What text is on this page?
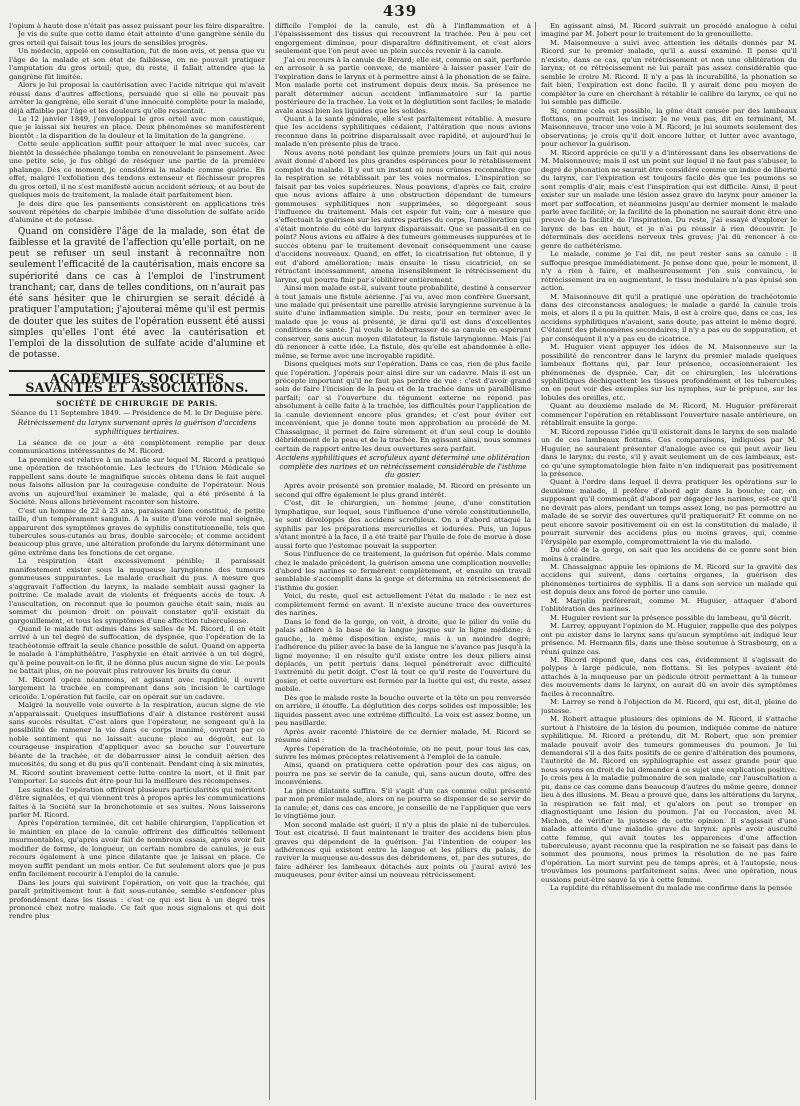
439

l'opium à haute dose n'était pas assez puissant pour les faire disparaître.

Je vis de suite que cette dame était atteinte d'une gangrène sénile du gros orteil qui faisait tous les jours de sensibles progrès.

Un médecin, appelé en consultation, fut de mon avis, et pensa que vu l'âge de la malade et son état de faiblesse, on ne pouvait pratiquer l'amputation du gros orteil; que, du reste, il fallait attendre que la gangrène fût limitée.

Alors je lui proposai la cautérisation avec l'acide nitrique qui m'avait réussi dans d'autres affections, persuadé que si elle ne pouvait pas arrêter la gangrène, elle serait d'une innocuité complète pour la malade, déjà affaiblie par l'âge et les douleurs qu'elle ressentait.

Le 12 janvier 1849, j'enveloppai le gros orteil avec mon caustique, que je laissai six heures en place. Deux phénomènes se manifestèrent bientôt : la disparition de la douleur et la limitation de la gangrène.

Cette seule application suffit pour attaquer le mal avec succès, car bientôt la desséchée phalange tomba en renouvelant le pansement. Avec une petite scie, je fus obligé de réséquer une partie de la première phalange. Dès ce moment, je considérai la malade comme guérie. En effet, malgré l'exfoliation des tendons extenseur et fléchisseur propres du gros orteil, il ne s'est manifesté aucun accident sérieux; et au bout de quelques mois de traitement, la malade était parfaitement bien.

Je dois dire que les pansements consistèrent en applications très souvent répétées de charpie imbibée d'une dissolution de sulfate acide d'alumine et de potasse.

Quand on considère l'âge de la malade, son état de faiblesse et la gravité de l'affection qu'elle portait, on ne peut se refuser un seul instant à reconnaître non seulement l'efficacité de la cautérisation, mais encore sa supériorité dans ce cas à l'emploi de l'instrument tranchant; car, dans de telles conditions, on n'aurait pas été sans hésiter que le chirurgien se serait décidé à pratiquer l'amputation; j'ajouterai même qu'il est permis de douter que les suites de l'opération eussent été aussi simples qu'elles l'ont été avec la cautérisation et l'emploi de la dissolution de sulfate acide d'alumine et de potasse.

ACADÉMIES, SOCIÉTÉS SAVANTES ET ASSOCIATIONS.
SOCIÉTÉ DE CHIRURGIE DE PARIS.
Séance du 11 Septembre 1849. — Présidence de M. le Dr Deguise père.

Rétrécissement du larynx survenant après la guérison d'accidens syphilitiques tertiaires.

La séance de ce jour a été complètement remplie par deux communications intéressantes de M. Ricord.

La première est relative à un malade sur lequel M. Ricord a pratiqué une opération de trachéotomie. Les lecteurs de l'Union Médicale se rappellent sans doute le magnifique succès obtenu dans le fait auquel nous faisons allusion par la courageuse conduite de l'opérateur. Nous avons un aujourd'hui examiner le malade, qui a été présenté à la Société. Nous allons brièvement raconter son histoire.

C'est un homme de 22 à 23 ans, paraissant bien constitué, de petite taille, d'un tempérament sanguin. A la suite d'une vérole mal soignée, apparurent des symptômes graves de syphilis constitutionnelle, tels que tubercules sous-cutanés au bras, double sarcocèle; et comme accident beaucoup plus grave, une altération profonde du larynx déterminant une gêne extrême dans les fonctions de cet organe.

La respiration était excessivement pénible; il paraissait manifestement exister sous la muqueuse laryngienne des tumeurs gommeuses suppurantes. Le malade crachait du pus. A mesure que s'aggravait l'affection du larynx, la malade semblait aussi gagner la poitrine. Ce malade avait de violents et fréquents accès de toux. A l'auscultation, on reconnut que le poumon gauche était sain, mais au sommet du poumon droit on pouvait constater qu'il existait du gargouillement, et tous les symptômes d'une affection tuberculeuse.

Quand le malade fut admis dans les salles de M. Ricord, il en était arrivé à un tel degré de suffocation, de dyspnée, que l'opération de la trachéotomie offrait la seule chance possible de salut. Quand on apporta le malade à l'amphithéâtre, l'asphyxie en était arrivée à un tel degré, qu'à peine pouvait-on le fit, il ne donna plus aucun signe de vie. Le pouls ne battait plus, on ne pouvait plus retrouver les bruits du cœur.

M. Ricord opéra néanmoins, et agissant avec rapidité, il ouvrit largement la trachée en comprenant dans son incision le cartilage cricoïde. L'opération fut facile, car on opérait sur un cadavre.

Malgré la nouvelle voie ouverte à la respiration, aucun signe de vie n'apparaissait. Quelques insufflations d'air à distance restèrent aussi sans succès résultat. C'est alors que l'opérateur, ne songeant qu'à la possibilité de ramener la vie dans ce corps inanimé, ouvrant par ce noble sentiment qui ne laissait aucune place au dégoût, eut la courageuse inspiration d'appliquer avec sa bouche sur l'ouverture béante de la trachée, et de débarrasser ainsi le conduit aérien des mucosités, du sang et du pus qu'il contenait. Pendant cinq à six minutes, M. Ricord soutint bravement cette lutte contre la mort, et il finit par l'emporter. Le succès dut être pour lui la meilleure des récompenses.

Les suites de l'opération offrirent plusieurs particularités qui méritent d'être signalées, et qui viennent très à propos après les communications faites à la Société sur la bronchotomie et ses suites. Nous laisserons parler M. Ricord.

Après l'opération terminée, dit cet habile chirurgien, l'application et le maintien en place de la canule offrirent des difficultés tellement insurmontables, qu'après avoir fait de nombreux essais, après avoir fait modifier de forme, de longueur, un certain nombre de canules, je eus recours également à une pince dilatante que je laissai en place. Ce moyen suffit pendant un mois entier. Ce fut seulement alors que je pus enfin facilement recourir à l'emploi de la canule.

Dans les jours qui suivirent l'opération, on voit que la trachée, qui paraît primitivement tout à fait sous-cutanée, semble s'enfoncer plus profondément dans les tissus : c'est ce qui est lieu à un degré très prononcé chez notre malade. Ce fait que nous signalons et qui doit rendre plus

difficile l'emploi de la canule, est dû à l'inflammation et à l'épaississement des tissus qui recouvrent la trachée. Peu à peu cet engorgement diminue, pour disparaître définitivement, et c'est alors seulement que l'on peut avec un plein succès revenir à la canule.

J'ai eu recours à la canule de Bérard; elle est, comme on sait, perforée en arrosoir à sa partie convexe, de manière à laisser passer l'air de l'expiration dans le larynx et à permettre ainsi à la phonation de se faire. Mon malade porte cet instrument depuis deux mois. Sa présence ne paraît déterminer aucun accident inflammatoire sur la partie postérieure de la trachée. La voix et la déglutition sont faciles; le malade avale aussi bien les liquides que les solides.

Quant à la santé générale, elle s'est parfaitement rétablie. A mesure que les accidens syphilitiques cédaient, l'altération que nous avions reconnue dans la poitrine disparaissait avec rapidité, et aujourd'hui le malade n'en présente plus de trace.

Nous avons noté pendant les quinze premiers jours un fait qui nous avait donné d'abord les plus grandes espérances pour le rétablissement complet du malade. Il y eut un instant où nous crûmes reconnaître que la respiration se rétablissait par les voies normales. L'inspiration se faisait par les voies supérieures. Nous pouvions, d'après ce fait, croire que nous avions affaire à une obstruction dépendant de tumeurs gommeuses syphilitiques non supprimées, se dégorgeant sous l'influence du traitement. Mais cet espoir fut vain; car à mesure que s'effectuait la guérison sur les autres parties du corps, l'amélioration qui s'était montrée du côté du larynx disparaissait. Que se passait-il en ce point? Nous avions eu affaire à des tumeurs gommeuses suppurées et le succès obtenu par le traitement devenait conséquemment une cause d'accidens nouveaux. Quand, en effet, la cicatrisation fut obtenue, il y eut d'abord amélioration; mais ensuite le tissu cicatriciel, en se rétractant incessamment, amena insensiblement le rétrécissement du larynx, qui pourra finir par s'oblitérer entièrement.

Ainsi mon malade est-il, suivant toute probabilité, destiné à conserver à tout jamais une fistule aérienne. J'ai vu, avec mon confrère Guersant, une malade qui présentait une pareille atrésie laryngienne survenue à la suite d'une inflammation simple. Du reste, pour en terminer avec le malade que je vous ai présenté, je dirai qu'il est dans d'excellentes conditions de santé. J'ai voulu le débarrasser de sa canule en espérant conserver, sans aucun moyen dilatateur, la fistule laryngienne. Mais j'ai dû renoncer à cette idée. La fistule, dès qu'elle est abandonnée à elle-même, se ferme avec une incroyable rapidité.

Disons quelques mots sur l'opération. Dans ce cas, rien de plus facile que l'opération. J'opérais pour ainsi dire sur un cadavre. Mais il est un précepte important qu'il ne faut pas perdre de vue : c'est d'avoir grand soin de faire l'incision de la peau et de la trachée dans un parallélisme parfait; car si l'ouverture du tégument externe ne répond pas absolument à celle faite à la trachée, les difficultés pour l'application de la canule deviennent encore plus grandes; et c'est pour éviter cet inconvénient, que je donne toute mon approbation au procédé de M. Chassaignac, il permet de faire sûrement et d'un seul coup le double débridement de la peau et de la trachée. En agissant ainsi, nous sommes certain de rapport entre les deux ouvertures sera parfait.

Accidens syphilitiques et scrofuleux ayant déterminé une oblitération complète des narines et un rétrécissement considérable de l'isthme du gosier.

Après avoir présenté son premier malade, M. Ricord en présente un second qui offre également le plus grand intérêt.

C'est, dit le chirurgien, un homme jeune, d'une constitution lymphatique, sur lequel, sous l'influence d'une vérole constitutionnelle, se sont développés des accidens scrofuleux. On a d'abord attaqué la syphilis par les préparations mercurielles et iodurées. Puis, un lupus s'étant montré à la face, il a été traité par l'huile de foie de morue à dose aussi forte que l'estomac pouvait la supporter.

Sous l'influence de ce traitement, la guérison fut opérée. Mais comme chez le malade précédent, la guérison amena une complication nouvelle; d'abord les narines se fermèrent complètement, et ensuite un travail semblable s'accomplit dans la gorge et détermina un rétrécissement de l'isthme du gosier.

Voici, du reste, quel est actuellement l'état du malade : le nez est complètement fermé en avant. Il n'existe aucune trace des ouvertures des narines.

Dans le fond de la gorge, on voit, à droite, que le pilier du voile du palais adhère à la base de la langue jusque sur la ligne médiane; à gauche, la même disposition existe, mais à un moindre degré; l'adhérence du pilier avec la base de la langue ne s'avance pas jusqu'à la ligne moyenne; il en résulte qu'il existe entre les deux piliers ainsi déplacés, un petit pertuis dans lequel pénétrerait avec difficulté l'extrémité du petit doigt. C'est là tout ce qu'il reste de l'ouverture du gosier, et cette ouverture est fermée par la luette qui est, du reste, assez mobile.

Dès que le malade reste la bouche ouverte et la tête un peu renversée en arrière, il étouffe. La déglutition des corps solides est impossible; les liquides passent avec une extrême difficulté. La voix est assez bonne, un peu nasillarde.

Après avoir raconté l'histoire de ce dernier malade, M. Ricord se résume ainsi :

Après l'opération de la trachéotomie, on ne peut, pour tous les cas, suivre les mêmes préceptes relativement à l'emploi de la canule.

Ainsi, quand on pratiquera cette opération pour des cas aigus, on pourra ne pas se servir de la canule, qui, sans aucun doute, offre des inconvéniens.

La pince dilatante suffira. S'il s'agit d'un cas comme celui présenté par mon premier malade, alors on ne pourra se dispenser de se servir de la canule; et, dans ces cas encore, je conseille de ne l'appliquer que vers le vingtième jour.

Mon second malade est guéri; il n'y a plus de plaie ni de tubercules. Tout est cicatrisé. Il faut maintenant le traiter des accidens bien plus graves qui dépendent de la guérison. J'ai l'intention de couper les adhérences qui existent entre la langue et les piliers du palais, de raviver la muqueuse au-dessus des débridemens, et, par des sutures, de faire adhérer les lambeaux détachés aux points où j'aurai avivé les muqueuses, pour éviter ainsi un nouveau rétrécissement.

En agissant ainsi, M. Ricord suivrait un procédé analogue à celui imaginé par M. Jobert pour le traitement de la grenouillette.

M. Maisonneuve a suivi avec attention les détails donnés par M. Ricord sur le premier malade, qu'il a aussi examiné. Il pense qu'il n'existe, dans ce cas, qu'un rétrécissement et non une oblitération du larynx; et ce rétrécissement ne lui paraît pas assez considérable que semble le croire M. Ricord. Il n'y a pas là incurabilité, la phonation se fait bien, l'expiration est donc facile. Il y aurait donc peu moyen de compléter la cure en cherchant à rétablir le calibre du larynx, ce qui ne lui semble pas difficile.

Si, comme cela est possible, la gêne était causée par des lambeaux flottans, on pourrait les inciser. Je ne veux pas, dit en terminant, M. Maisonneuve, tracer une voie à M. Ricord, je lui soumets seulement des observations; je crois qu'il doit encore lutter, et lutter avec avantage, pour achever la guérison.

M. Ricord apprécie ce qu'il y a d'intéressant dans les observations de M. Maisonneuve; mais il est un point sur lequel il ne faut pas s'abuser, le degré de phonation ne saurait être considéré comme un indice de liberté du larynx, car l'expiration est toujours facile dès que les poumons se sont remplis d'air, mais c'est l'inspiration qui est difficile. Ainsi, il peut exister sur un malade une lésion assez grave du larynx pour amener la mort par suffocation, et néanmoins jusqu'au dernier moment le malade parle avec facilité; or, la facilité de la phonation ne saurait donc être une preuve de la facilité de l'inspiration. Du reste, j'ai essayé d'explorer le larynx de bas en haut, et je n'ai pu réussir à rien découvrir. Je déterminais des accidens nerveux très graves; j'ai dû renoncer à ce genre de cathétérisme.

Le malade, comme je l'ai dit, ne peut rester sans sa canule : il suffoque presque immédiatement. Je pense donc que, pour le moment, il n'y a rien à faire, et malheureusement j'en suis convaincu, le rétrécissement ira en augmentant, le tissu inodulaire n'a pas épuisé son action.

M. Maisonneuve dit qu'il a pratiqué une opération de trachéotomie dans des circonstances analogues; le malade a gardé la canule trois mois, et alors il a pu la quitter. Mais, il est à croire que, dans ce cas, les accidens syphilitiques n'avaient, sans doute, pas atteint le même degré. C'étaient des phénomènes secondaires; il n'y a pas eu de suppuration, et par conséquent il n'y a pas eu de cicatrice.

M. Huguier vient appuyer les idées de M. Maisonneuve sur la possibilité de rencontrer dans le larynx du premier malade quelques lambeaux flottans qui, par leur présence, occasionneraient les phénomènes de dyspnée. Car, dit ce chirurgien, les ulcérations syphilitiques déchiquettent les tissues profondément et les tubercules; on en peut voir des exemples sur les nymphes, sur le prépuce, sur les lobules des oreilles, etc.

Quant au deuxième malade de M. Ricord, M. Huguier préférerait commencer l'opération en rétablissant l'ouverture nasale antérieure, on rétablirait ensuite la gorge.

M. Ricord repousse l'idée qu'il existerait dans le larynx de son malade un de ces lambeaux flottans. Ces comparaisons, indiquées par M. Huguier, ne sauraient présenter d'analogie avec ce qui peut avoir lieu dans le larynx; du reste, s'il y avait seulement un de ces lambeaux, est-ce qu'une symptomatologie bien faite n'en indiquerait pas positivement la présence.

Quant à l'ordre dans lequel il devra pratiquer les opérations sur le deuxième malade, il préfère d'abord agir dans la bouche; car, en supposant qu'il commençât d'abord par dégager les narines, est-ce qu'il ne devrait pas alors, pendant un temps assez long, ne pas permettre au malade de se servir des ouvertures qu'il pratiquerait? Et comme on ne peut encore savoir positivement où en est la constitution du malade, il pourrait survenir des accidens plus ou moins graves, qui, comme l'érysipèle par exemple, compromettraient la vie du malade.

Du côté de la gorge, on sait que les accidens de ce genre sont bien moins à craindre.

M. Chassaignac appuie les opinions de M. Ricord sur la gravité des accidens qui suivent, dans certains organes, la guérison des phénomènes tertiaires de syphilis. Il a dans son service un malade qui est depuis deux ans forcé de porter une canule.

M. Marjolin préférerait, comme M. Huguier, attaquer d'abord l'oblitération des narines.

M. Huguier revient sur la présence possible du lambeau, qu'il décrit.

M. Larrey, appuyant l'opinion de M. Huguier, rappelle que des polypes ont pu exister dans le larynx sans qu'aucun symptôme ait indiqué leur présence. M. Hermann fils, dans une thèse soutenue à Strasbourg, en a réuni quinze cas.

M. Ricord répond que, dans ces cas, évidemment il s'agissait de polypes à large pédicule, non flottans. Si les polypes avaient été attachés à la muqueuse par un pédicule étroit permettant à la tumeur des mouvements dans le larynx, on aurait dû en avoir des symptômes faciles à reconnaître.

M. Larrey se rend à l'objection de M. Ricord, qui est, dit-il, pleine de justesse.

M. Robert attaque plusieurs des opinions de M. Ricord, il s'attache surtout à l'histoire de la lésion du poumon, indiquée comme de nature syphilitique. M. Ricord a prétendu, dit M. Robert, que son premier malade pouvait avoir des tumeurs gommeuses du poumon. Je lui demanderai s'il a des faits positifs de ce genre d'altération des poumons, l'autorité de M. Ricord en syphilographie est assez grande pour que nous soyons en droit de lui demander à ce sujet une explication positive. Je crois peu à la maladie pulmonaire de son malade, car l'auscultation a pu, dans ce cas comme dans beaucoup d'autres du même genre, donner lieu à des illusions. M. Beau a prouvé que, dans les altérations du larynx, la respiration se fait mal, et qu'alors on peut se tromper en diagnostiquant une lésion du poumon. J'ai eu l'occasion, avec M. Michon, de vérifier la justesse de cette opinion. Il s'agissait d'une malade atteinte d'une maladie grave du larynx: après avoir ausculté cette femme, qui avait toutes les apparences d'une affection tuberculeuse, ayant reconnu que la respiration ne se faisait pas dans le sommet des poumons, nous primes la résolution de ne pas faire d'opération. La mort survint peu de temps après, et à l'autopsie, nous trouvâmes les poumons parfaitement sains. Avec une opération, nous eussions peut-être sauvé la vie à cette femme.

La rapidité du rétablissement du malade me confirme dans la pensée
